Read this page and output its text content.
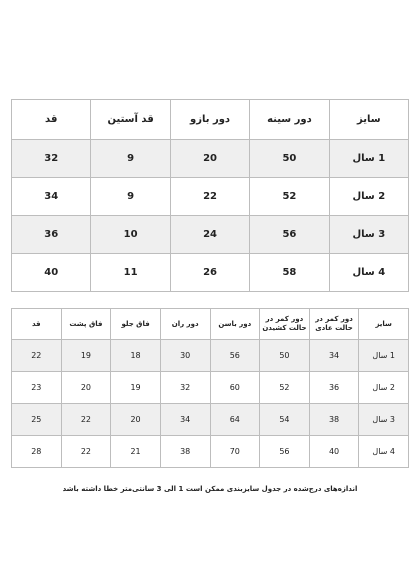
سایز	دور سینه	دور بازو	قد آستین	قد
1 سال	50	20	9	32
2 سال	52	22	9	34
3 سال	56	24	10	36
4 سال	58	26	11	40
سایز	دور کمر در حالت عادی	دور کمر در حالت کشیدن	دور باسن	دور ران	فاق جلو	فاق پشت	قد
1 سال	34	50	56	30	18	19	22
2 سال	36	52	60	32	19	20	23
3 سال	38	54	64	34	20	22	25
4 سال	40	56	70	38	21	22	28
اندازه‌های درج‌شده در جدول سایزبندی ممکن است 1 الی 3 سانتی‌متر خطا داشته باشد
